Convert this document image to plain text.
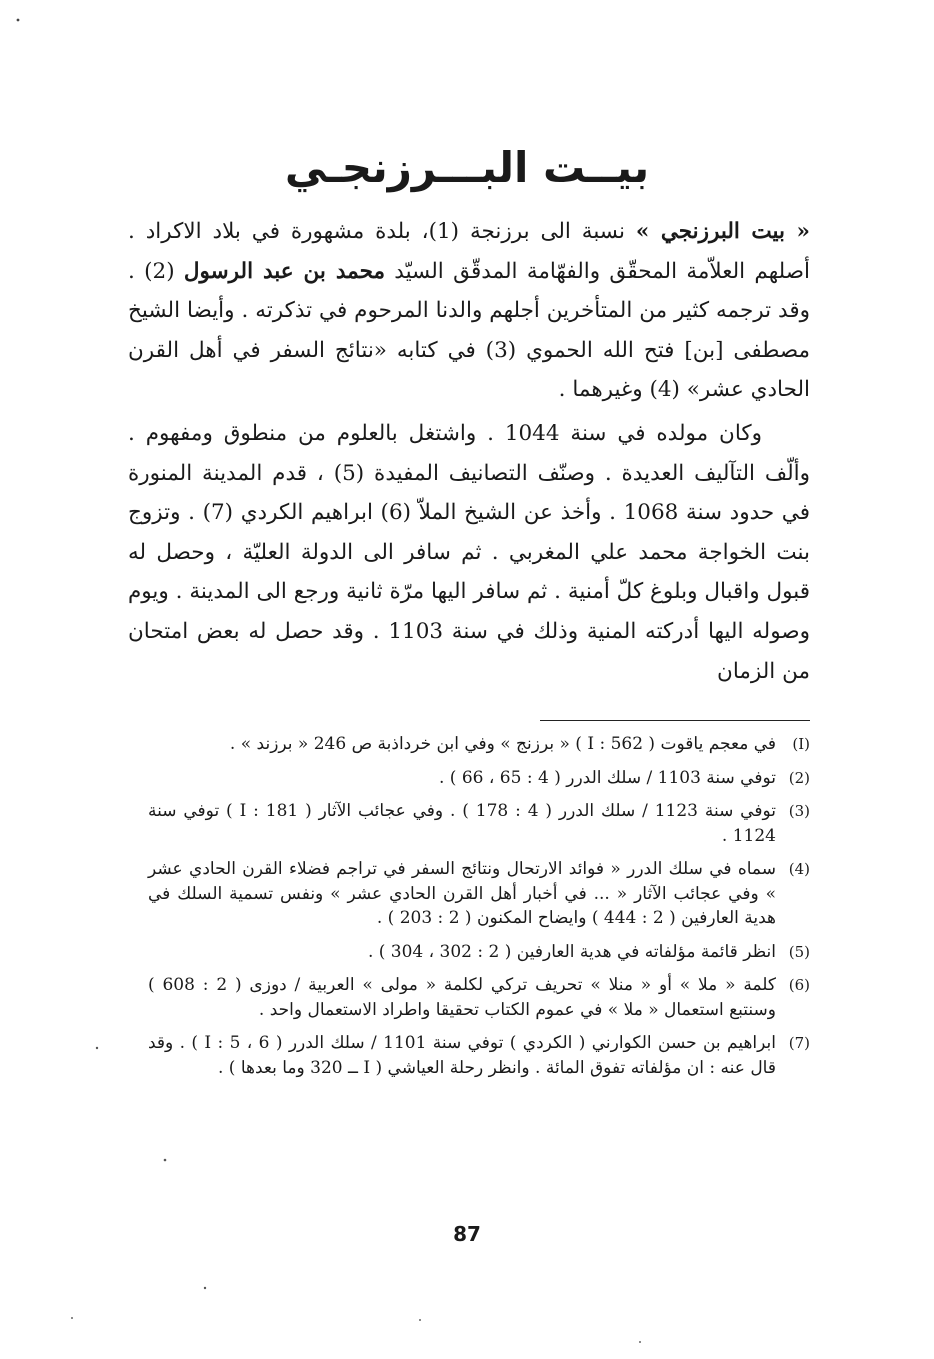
بيــت البـــرزنجـي

« بيت البرزنجي » نسبة الى برزنجة (1)، بلدة مشهورة في بلاد الاكراد . أصلهم العلاّمة المحقّق والفهّامة المدقّق السيّد محمد بن عبد الرسول (2) . وقد ترجمه كثير من المتأخرين أجلهم والدنا المرحوم في تذكرته . وأيضا الشيخ مصطفى [بن] فتح الله الحموي (3) في كتابه «نتائج السفر في أهل القرن الحادي عشر» (4) وغيرهما .

وكان مولده في سنة 1044 . واشتغل بالعلوم من منطوق ومفهوم . وألّف التآليف العديدة . وصنّف التصانيف المفيدة (5) ، قدم المدينة المنورة في حدود سنة 1068 . وأخذ عن الشيخ الملاّ (6) ابراهيم الكردي (7) . وتزوج بنت الخواجة محمد علي المغربي . ثم سافر الى الدولة العليّة ، وحصل له قبول واقبال وبلوغ كلّ أمنية . ثم سافر اليها مرّة ثانية ورجع الى المدينة . ويوم وصوله اليها أدركته المنية وذلك في سنة 1103 . وقد حصل له بعض امتحان من الزمان

(I)
في معجم ياقوت ( I : 562 ) « برزنج » وفي ابن خرداذبة ص 246 « برزند » .
(2)
توفي سنة 1103 / سلك الدرر ( 4 : 65 ، 66 ) .
(3)
توفي سنة 1123 / سلك الدرر ( 4 : 178 ) . وفي عجائب الآثار ( I : 181 ) توفي سنة 1124 .
(4)
سماه في سلك الدرر « فوائد الارتحال ونتائج السفر في تراجم فضلاء القرن الحادي عشر » وفي عجائب الآثار « ... في أخبار أهل القرن الحادي عشر » ونفس تسمية السلك في هدية العارفين ( 2 : 444 ) وايضاح المكنون ( 2 : 203 ) .
(5)
انظر قائمة مؤلفاته في هدية العارفين ( 2 : 302 ، 304 ) .
(6)
كلمة « ملا » أو « منلا » تحريف تركي لكلمة « مولى » العربية / دوزى ( 2 : 608 ) وسنتبع استعمال « ملا » في عموم الكتاب تحقيقا واطراد الاستعمال واحد .
(7)
ابراهيم بن حسن الكوارني ( الكردي ) توفي سنة 1101 / سلك الدرر ( I : 5 ، 6 ) . وقد قال عنه : ان مؤلفاته تفوق المائة . وانظر رحلة العياشي ( I ــ 320 وما بعدها ) .
87
